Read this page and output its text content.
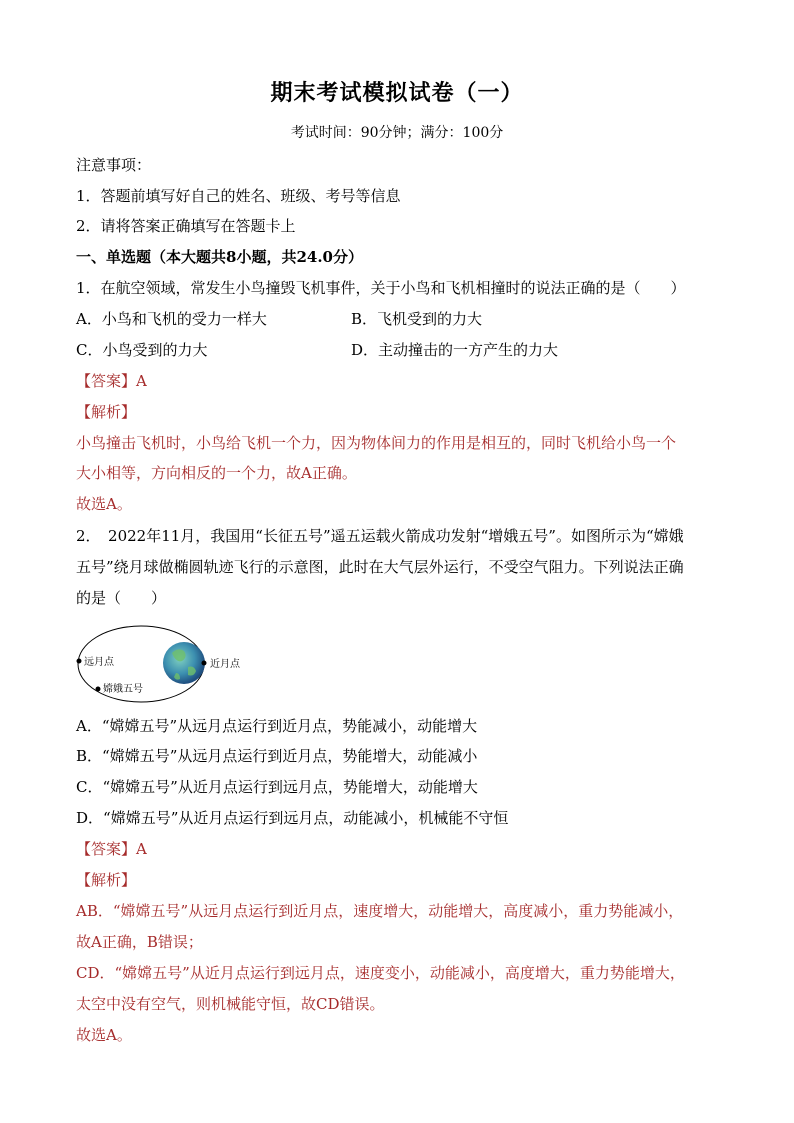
期末考试模拟试卷（一）
考试时间：90分钟；满分：100分
注意事项：
1．答题前填写好自己的姓名、班级、考号等信息
2．请将答案正确填写在答题卡上
一、单选题（本大题共8小题，共24.0分）
1．在航空领域，常发生小鸟撞毁飞机事件，关于小鸟和飞机相撞时的说法正确的是（　　）
A．小鸟和飞机的受力一样大	B．飞机受到的力大
C．小鸟受到的力大	D．主动撞击的一方产生的力大
【答案】A
【解析】
小鸟撞击飞机时，小鸟给飞机一个力，因为物体间力的作用是相互的，同时飞机给小鸟一个
大小相等，方向相反的一个力，故A正确。
故选A。
2．　2022年11月，我国用“长征五号”遥五运载火箭成功发射“增娥五号”。如图所示为“嫦娥
五号”绕月球做椭圆轨迹飞行的示意图，此时在大气层外运行，不受空气阻力。下列说法正确
的是（　　）
远月点	近月点
嫦娥五号
A．“嫦嫦五号”从远月点运行到近月点，势能减小，动能增大
B．“嫦嫦五号”从远月点运行到近月点，势能增大，动能减小
C．“嫦嫦五号”从近月点运行到远月点，势能增大，动能增大
D．“嫦嫦五号”从近月点运行到远月点，动能减小，机械能不守恒
【答案】A
【解析】
AB．“嫦嫦五号”从远月点运行到近月点，速度增大，动能增大，高度减小，重力势能减小，
故A正确，B错误；
CD．“嫦嫦五号”从近月点运行到远月点，速度变小，动能减小，高度增大，重力势能增大，
太空中没有空气，则机械能守恒，故CD错误。
故选A。
